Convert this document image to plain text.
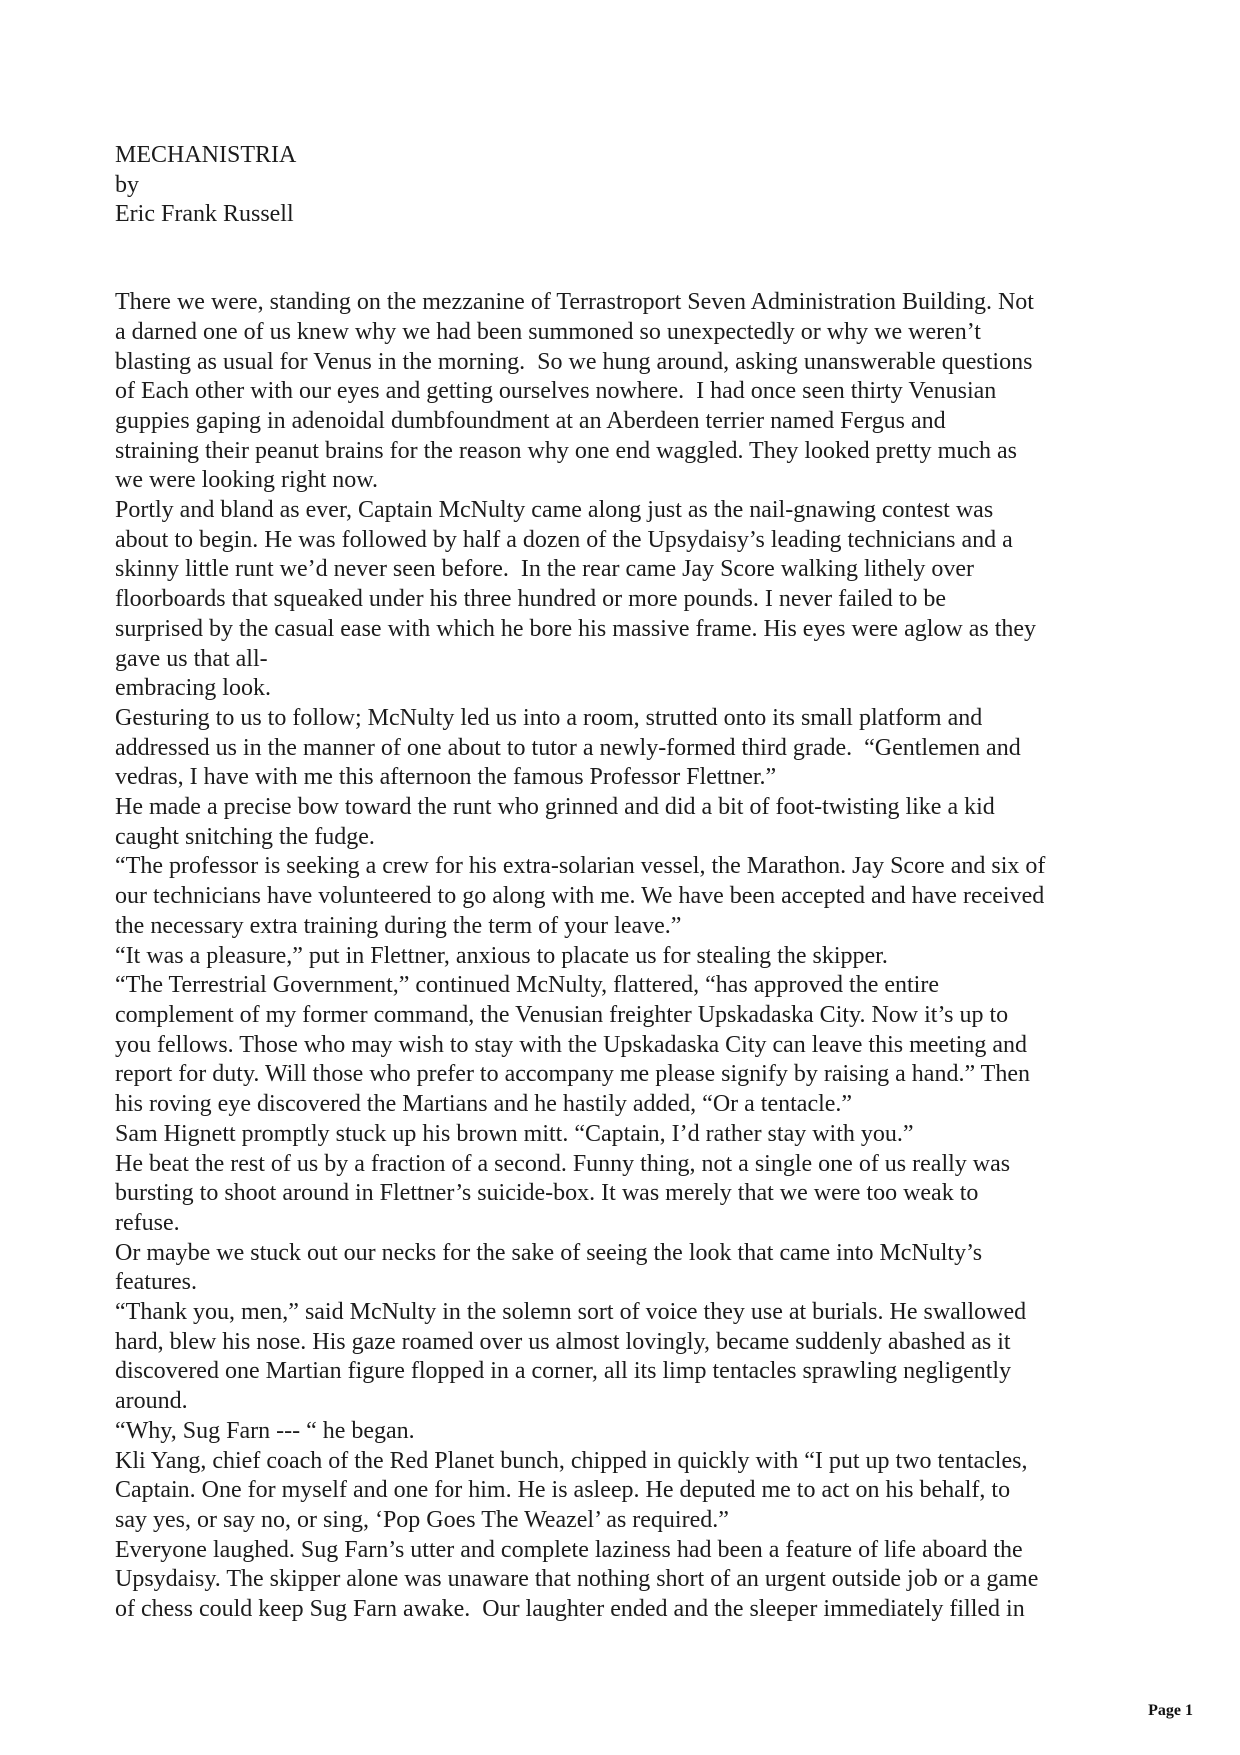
MECHANISTRIA
by
Eric Frank Russell
There we were, standing on the mezzanine of Terrastroport Seven Administration Building. Not
a darned one of us knew why we had been summoned so unexpectedly or why we weren’t
blasting as usual for Venus in the morning.  So we hung around, asking unanswerable questions
of Each other with our eyes and getting ourselves nowhere.  I had once seen thirty Venusian
guppies gaping in adenoidal dumbfoundment at an Aberdeen terrier named Fergus and
straining their peanut brains for the reason why one end waggled. They looked pretty much as
we were looking right now.
Portly and bland as ever, Captain McNulty came along just as the nail-gnawing contest was
about to begin. He was followed by half a dozen of the Upsydaisy’s leading technicians and a
skinny little runt we’d never seen before.  In the rear came Jay Score walking lithely over
floorboards that squeaked under his three hundred or more pounds. I never failed to be
surprised by the casual ease with which he bore his massive frame. His eyes were aglow as they
gave us that all-
embracing look.
Gesturing to us to follow; McNulty led us into a room, strutted onto its small platform and
addressed us in the manner of one about to tutor a newly-formed third grade.  “Gentlemen and
vedras, I have with me this afternoon the famous Professor Flettner.”
He made a precise bow toward the runt who grinned and did a bit of foot-twisting like a kid
caught snitching the fudge.
“The professor is seeking a crew for his extra-solarian vessel, the Marathon. Jay Score and six of
our technicians have volunteered to go along with me. We have been accepted and have received
the necessary extra training during the term of your leave.”
“It was a pleasure,” put in Flettner, anxious to placate us for stealing the skipper.
“The Terrestrial Government,” continued McNulty, flattered, “has approved the entire
complement of my former command, the Venusian freighter Upskadaska City. Now it’s up to
you fellows. Those who may wish to stay with the Upskadaska City can leave this meeting and
report for duty. Will those who prefer to accompany me please signify by raising a hand.” Then
his roving eye discovered the Martians and he hastily added, “Or a tentacle.”
Sam Hignett promptly stuck up his brown mitt. “Captain, I’d rather stay with you.”
He beat the rest of us by a fraction of a second. Funny thing, not a single one of us really was
bursting to shoot around in Flettner’s suicide-box. It was merely that we were too weak to
refuse.
Or maybe we stuck out our necks for the sake of seeing the look that came into McNulty’s
features.
“Thank you, men,” said McNulty in the solemn sort of voice they use at burials. He swallowed
hard, blew his nose. His gaze roamed over us almost lovingly, became suddenly abashed as it
discovered one Martian figure flopped in a corner, all its limp tentacles sprawling negligently
around.
“Why, Sug Farn --- “ he began.
Kli Yang, chief coach of the Red Planet bunch, chipped in quickly with “I put up two tentacles,
Captain. One for myself and one for him. He is asleep. He deputed me to act on his behalf, to
say yes, or say no, or sing, ‘Pop Goes The Weazel’ as required.”
Everyone laughed. Sug Farn’s utter and complete laziness had been a feature of life aboard the
Upsydaisy. The skipper alone was unaware that nothing short of an urgent outside job or a game
of chess could keep Sug Farn awake.  Our laughter ended and the sleeper immediately filled in
Page 1
